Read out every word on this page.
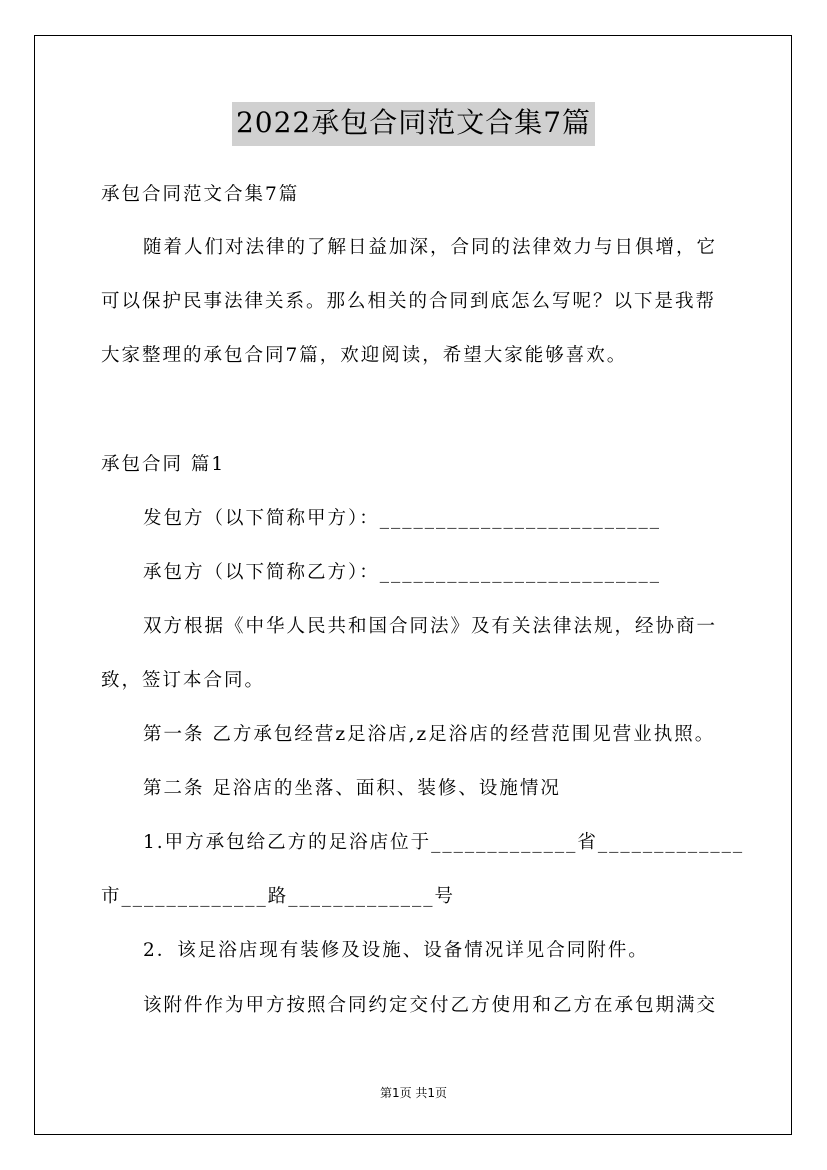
2022承包合同范文合集7篇
承包合同范文合集7篇
随着人们对法律的了解日益加深，合同的法律效力与日俱增，它
可以保护民事法律关系。那么相关的合同到底怎么写呢？以下是我帮
大家整理的承包合同7篇，欢迎阅读，希望大家能够喜欢。
承包合同 篇1
发包方（以下简称甲方）：_________________________
承包方（以下简称乙方）：_________________________
双方根据《中华人民共和国合同法》及有关法律法规，经协商一
致，签订本合同。
第一条 乙方承包经营z足浴店,z足浴店的经营范围见营业执照。
第二条 足浴店的坐落、面积、装修、设施情况
1.甲方承包给乙方的足浴店位于_____________省_____________
市_____________路_____________号
2．该足浴店现有装修及设施、设备情况详见合同附件。
该附件作为甲方按照合同约定交付乙方使用和乙方在承包期满交
第1页 共1页
